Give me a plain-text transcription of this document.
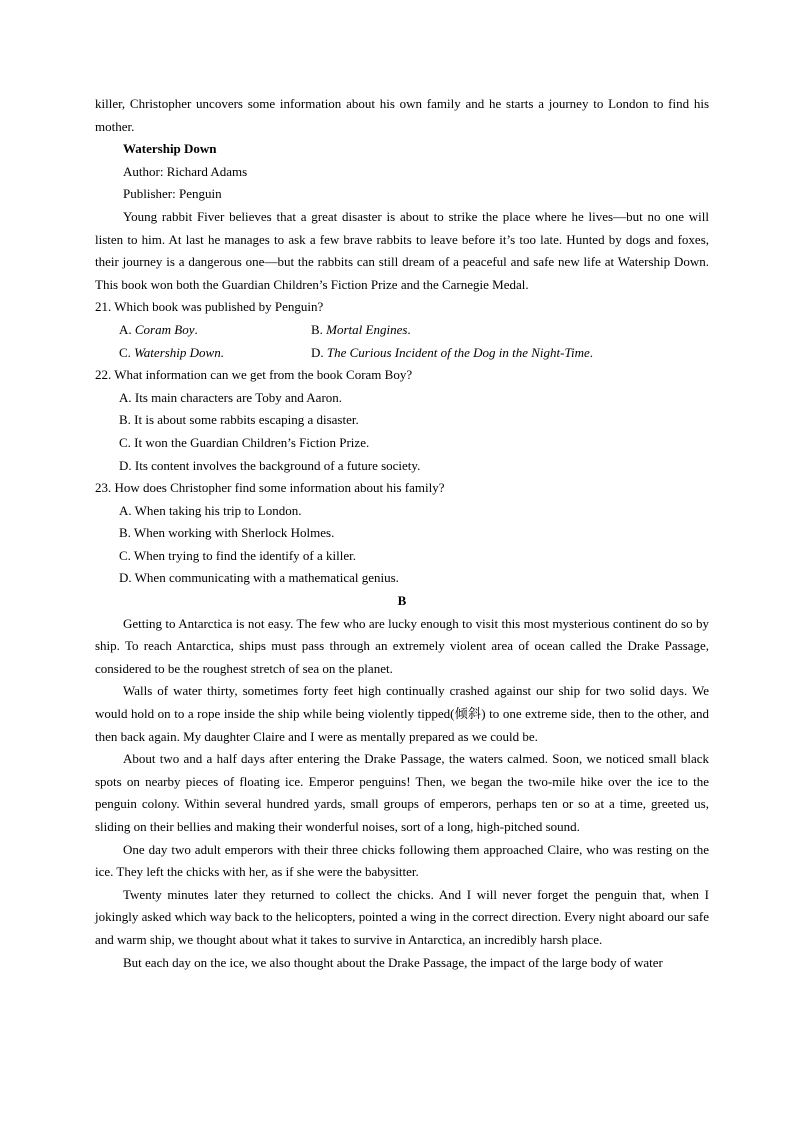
killer, Christopher uncovers some information about his own family and he starts a journey to London to find his mother.

Watership Down

Author: Richard Adams

Publisher: Penguin

Young rabbit Fiver believes that a great disaster is about to strike the place where he lives—but no one will listen to him. At last he manages to ask a few brave rabbits to leave before it’s too late. Hunted by dogs and foxes, their journey is a dangerous one—but the rabbits can still dream of a peaceful and safe new life at Watership Down. This book won both the Guardian Children’s Fiction Prize and the Carnegie Medal.

21. Which book was published by Penguin?

A. Coram Boy.	B. Mortal Engines.
C. Watership Down.	D. The Curious Incident of the Dog in the Night-Time.

22. What information can we get from the book Coram Boy?

A. Its main characters are Toby and Aaron.

B. It is about some rabbits escaping a disaster.

C. It won the Guardian Children’s Fiction Prize.

D. Its content involves the background of a future society.

23. How does Christopher find some information about his family?

A. When taking his trip to London.

B. When working with Sherlock Holmes.

C. When trying to find the identify of a killer.

D. When communicating with a mathematical genius.

B

Getting to Antarctica is not easy. The few who are lucky enough to visit this most mysterious continent do so by ship. To reach Antarctica, ships must pass through an extremely violent area of ocean called the Drake Passage, considered to be the roughest stretch of sea on the planet.

Walls of water thirty, sometimes forty feet high continually crashed against our ship for two solid days. We would hold on to a rope inside the ship while being violently tipped(倾斜) to one extreme side, then to the other, and then back again. My daughter Claire and I were as mentally prepared as we could be.

About two and a half days after entering the Drake Passage, the waters calmed. Soon, we noticed small black spots on nearby pieces of floating ice. Emperor penguins! Then, we began the two-mile hike over the ice to the penguin colony. Within several hundred yards, small groups of emperors, perhaps ten or so at a time, greeted us, sliding on their bellies and making their wonderful noises, sort of a long, high-pitched sound.

One day two adult emperors with their three chicks following them approached Claire, who was resting on the ice. They left the chicks with her, as if she were the babysitter.

Twenty minutes later they returned to collect the chicks. And I will never forget the penguin that, when I jokingly asked which way back to the helicopters, pointed a wing in the correct direction. Every night aboard our safe and warm ship, we thought about what it takes to survive in Antarctica, an incredibly harsh place.

But each day on the ice, we also thought about the Drake Passage, the impact of the large body of water
